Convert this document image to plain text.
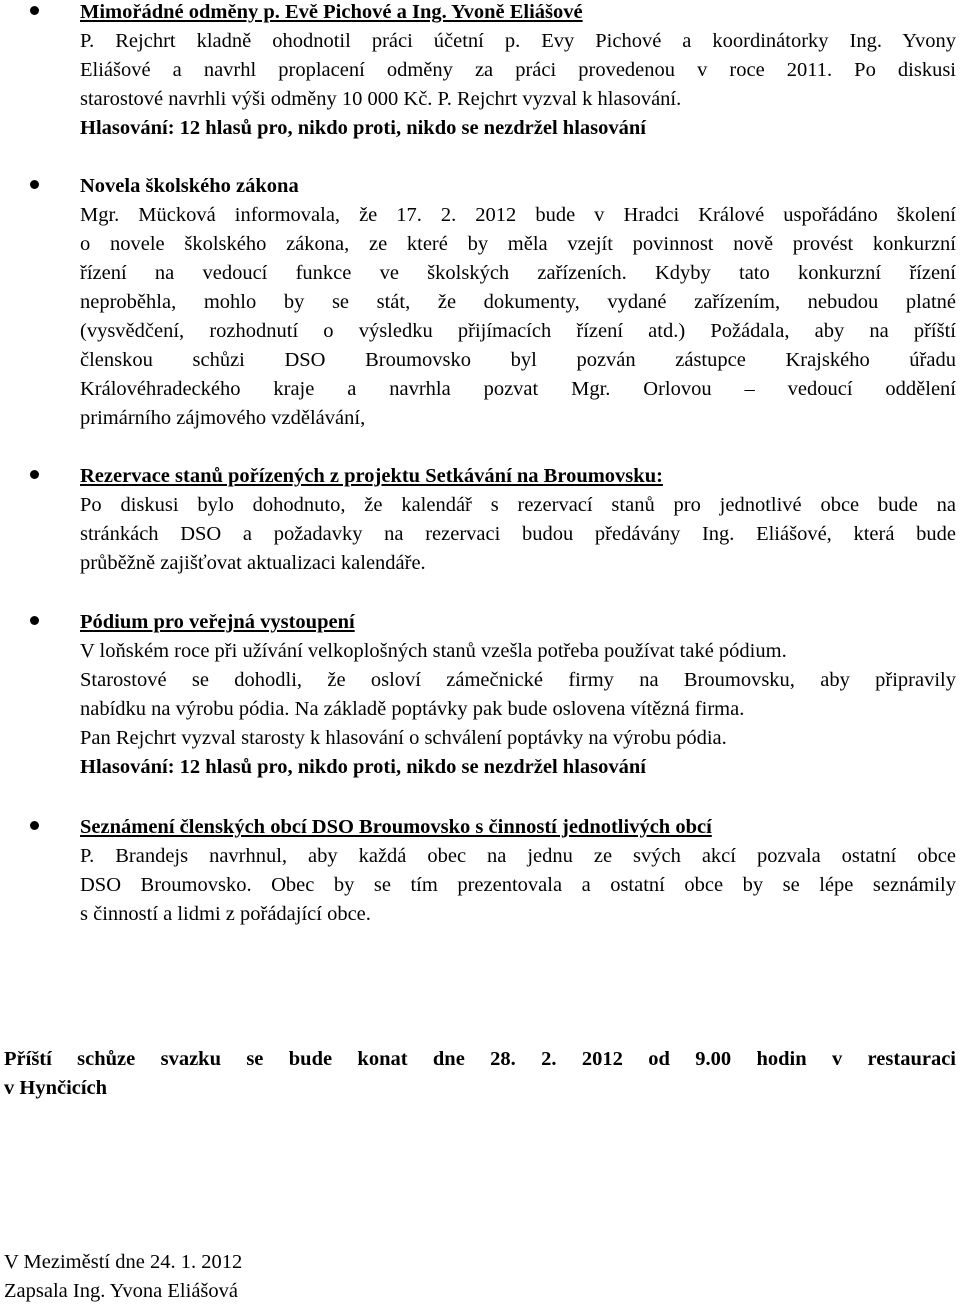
Mimořádné odměny p. Evě Pichové a Ing. Yvoně Eliášové
P. Rejchrt kladně ohodnotil práci účetní p. Evy Pichové a koordinátorky Ing. Yvony
Eliášové a navrhl proplacení odměny za práci provedenou v roce 2011. Po diskusi
starostové navrhli výši odměny 10 000 Kč. P. Rejchrt vyzval k hlasování.
Hlasování: 12 hlasů pro, nikdo proti, nikdo se nezdržel hlasování
Novela školského zákona
Mgr. Mücková informovala, že 17. 2. 2012 bude v Hradci Králové uspořádáno školení
o novele školského zákona, ze které by měla vzejít povinnost nově provést konkurzní
řízení na vedoucí funkce ve školských zařízeních. Kdyby tato konkurzní řízení
neproběhla, mohlo by se stát, že dokumenty, vydané zařízením, nebudou platné
(vysvědčení, rozhodnutí o výsledku přijímacích řízení atd.) Požádala, aby na příští
členskou schůzi DSO Broumovsko byl pozván zástupce Krajského úřadu
Královéhradeckého kraje a navrhla pozvat Mgr. Orlovou – vedoucí oddělení
primárního zájmového vzdělávání,
Rezervace stanů pořízených z projektu Setkávání na Broumovsku:
Po diskusi bylo dohodnuto, že kalendář s rezervací stanů pro jednotlivé obce bude na
stránkách DSO a požadavky na rezervaci budou předávány Ing. Eliášové, která bude
průběžně zajišťovat aktualizaci kalendáře.
Pódium pro veřejná vystoupení
V loňském roce při užívání velkoplošných stanů vzešla potřeba používat také pódium.
Starostové se dohodli, že osloví zámečnické firmy na Broumovsku, aby připravily
nabídku na výrobu pódia. Na základě poptávky pak bude oslovena vítězná firma.
Pan Rejchrt vyzval starosty k hlasování o schválení poptávky na výrobu pódia.
Hlasování: 12 hlasů pro, nikdo proti, nikdo se nezdržel hlasování
Seznámení členských obcí DSO Broumovsko s činností jednotlivých obcí
P. Brandejs navrhnul, aby každá obec na jednu ze svých akcí pozvala ostatní obce
DSO Broumovsko. Obec by se tím prezentovala a ostatní obce by se lépe seznámily
s činností a lidmi z pořádající obce.
Příští schůze svazku se bude konat dne 28. 2. 2012 od 9.00 hodin v restauraci
v Hynčicích
V Meziměstí dne 24. 1. 2012
Zapsala Ing. Yvona Eliášová
